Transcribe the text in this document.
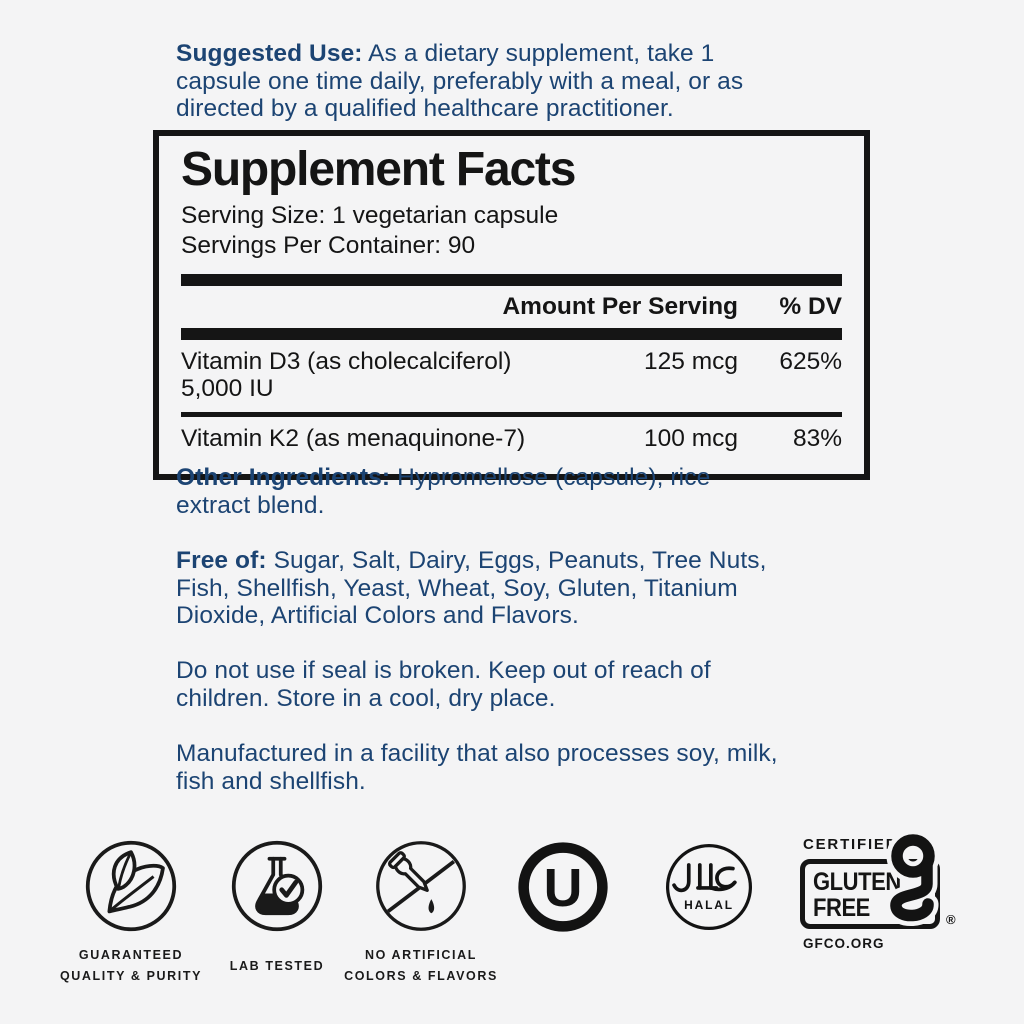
Suggested Use: As a dietary supplement, take 1
capsule one time daily, preferably with a meal, or as
directed by a qualified healthcare practitioner.
Supplement Facts
Serving Size: 1 vegetarian capsule
Servings Per Container: 90
Amount Per Serving	% DV
Vitamin D3 (as cholecalciferol)
5,000 IU
125 mcg	625%
Vitamin K2 (as menaquinone-7)	100 mcg	83%
Other Ingredients: Hypromellose (capsule), rice
extract blend.
Free of: Sugar, Salt, Dairy, Eggs, Peanuts, Tree Nuts,
Fish, Shellfish, Yeast, Wheat, Soy, Gluten, Titanium
Dioxide, Artificial Colors and Flavors.
Do not use if seal is broken. Keep out of reach of
children. Store in a cool, dry place.
Manufactured in a facility that also processes soy, milk,
fish and shellfish.
GUARANTEED
QUALITY & PURITY
LAB TESTED
NO ARTIFICIAL
COLORS & FLAVORS
U	HALAL
CERTIFIED
GLUTEN
FREE	®
GFCO.ORG
